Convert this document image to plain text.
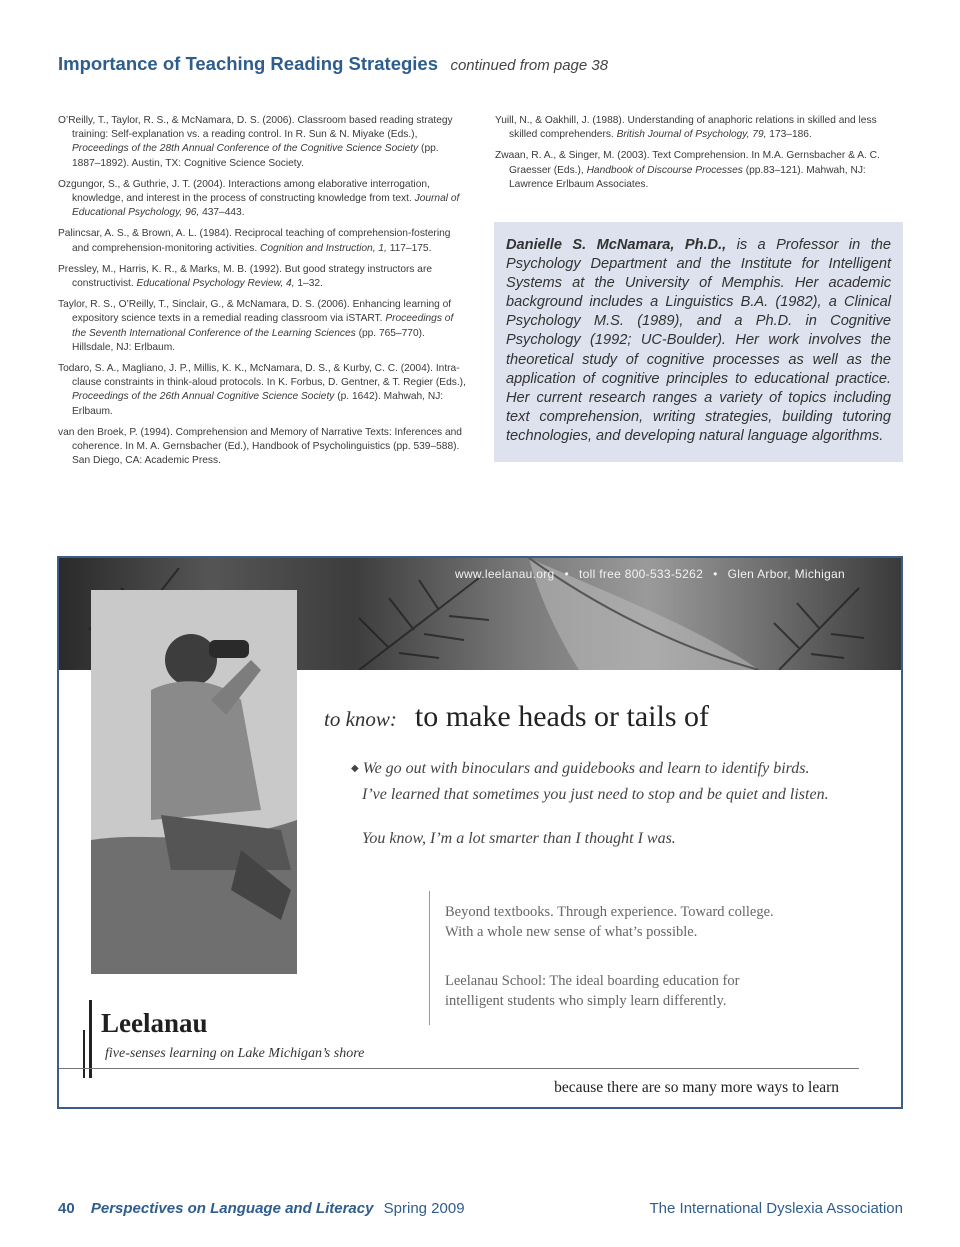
Importance of Teaching Reading Strategies continued from page 38

O’Reilly, T., Taylor, R. S., & McNamara, D. S. (2006). Classroom based reading strategy training: Self-explanation vs. a reading control. In R. Sun & N. Miyake (Eds.), Proceedings of the 28th Annual Conference of the Cognitive Science Society (pp. 1887–1892). Austin, TX: Cognitive Science Society.

Ozgungor, S., & Guthrie, J. T. (2004). Interactions among elaborative interrogation, knowledge, and interest in the process of constructing knowledge from text. Journal of Educational Psychology, 96, 437–443.

Palincsar, A. S., & Brown, A. L. (1984). Reciprocal teaching of comprehension-fostering and comprehension-monitoring activities. Cognition and Instruction, 1, 117–175.

Pressley, M., Harris, K. R., & Marks, M. B. (1992). But good strategy instructors are constructivist. Educational Psychology Review, 4, 1–32.

Taylor, R. S., O’Reilly, T., Sinclair, G., & McNamara, D. S. (2006). Enhancing learning of expository science texts in a remedial reading classroom via iSTART. Proceedings of the Seventh International Conference of the Learning Sciences (pp. 765–770). Hillsdale, NJ: Erlbaum.

Todaro, S. A., Magliano, J. P., Millis, K. K., McNamara, D. S., & Kurby, C. C. (2004). Intra-clause constraints in think-aloud protocols. In K. Forbus, D. Gentner, & T. Regier (Eds.), Proceedings of the 26th Annual Cognitive Science Society (p. 1642). Mahwah, NJ: Erlbaum.

van den Broek, P. (1994). Comprehension and Memory of Narrative Texts: Inferences and coherence. In M. A. Gernsbacher (Ed.), Handbook of Psycholinguistics (pp. 539–588). San Diego, CA: Academic Press.

Yuill, N., & Oakhill, J. (1988). Understanding of anaphoric relations in skilled and less skilled comprehenders. British Journal of Psychology, 79, 173–186.

Zwaan, R. A., & Singer, M. (2003). Text Comprehension. In M.A. Gernsbacher & A. C. Graesser (Eds.), Handbook of Discourse Processes (pp.83–121). Mahwah, NJ: Lawrence Erlbaum Associates.

Danielle S. McNamara, Ph.D., is a Professor in the Psychology Department and the Institute for Intelligent Systems at the University of Memphis. Her academic background includes a Linguistics B.A. (1982), a Clinical Psychology M.S. (1989), and a Ph.D. in Cognitive Psychology (1992; UC-Boulder). Her work involves the theoretical study of cognitive processes as well as the application of cognitive principles to educational practice. Her current research ranges a variety of topics including text comprehension, writing strategies, building tutoring technologies, and developing natural language algorithms.
www.leelanau.org • toll free 800-533-5262 • Glen Arbor, Michigan
to know: to make heads or tails of
◆ We go out with binoculars and guidebooks and learn to identify birds.
I’ve learned that sometimes you just need to stop and be quiet and listen.
You know, I’m a lot smarter than I thought I was.
Beyond textbooks. Through experience. Toward college.
With a whole new sense of what’s possible.
Leelanau School: The ideal boarding education for
intelligent students who simply learn differently.
Leelanau
five-senses learning on Lake Michigan’s shore
because there are so many more ways to learn
40 Perspectives on Language and Literacy Spring 2009	The International Dyslexia Association
